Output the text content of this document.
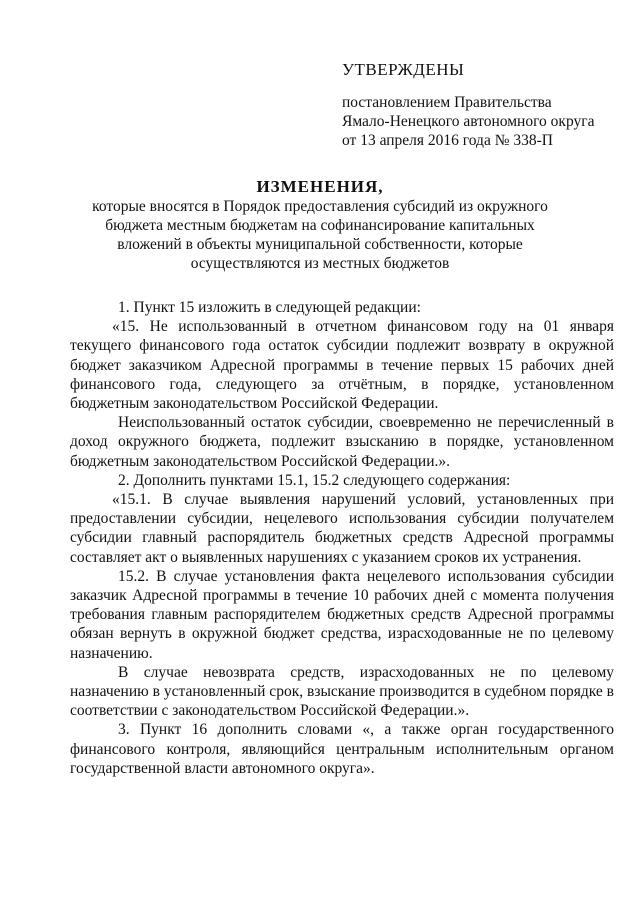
УТВЕРЖДЕНЫ

постановлением Правительства

Ямало-Ненецкого автономного округа

от 13 апреля 2016 года № 338-П

ИЗМЕНЕНИЯ,

которые вносятся в Порядок предоставления субсидий из окружного

бюджета местным бюджетам на софинансирование капитальных

вложений в объекты муниципальной собственности, которые

осуществляются из местных бюджетов

1. Пункт 15 изложить в следующей редакции:

«15. Не использованный в отчетном финансовом году на 01 января текущего финансового года остаток субсидии подлежит возврату в окружной бюджет заказчиком Адресной программы в течение первых 15 рабочих дней финансового года, следующего за отчётным, в порядке, установленном бюджетным законодательством Российской Федерации.

Неиспользованный остаток субсидии, своевременно не перечисленный в доход окружного бюджета, подлежит взысканию в порядке, установленном бюджетным законодательством Российской Федерации.».

2. Дополнить пунктами 15.1, 15.2 следующего содержания:

«15.1. В случае выявления нарушений условий, установленных при предоставлении субсидии, нецелевого использования субсидии получателем субсидии главный распорядитель бюджетных средств Адресной программы составляет акт о выявленных нарушениях с указанием сроков их устранения.

15.2. В случае установления факта нецелевого использования субсидии заказчик Адресной программы в течение 10 рабочих дней с момента получения требования главным распорядителем бюджетных средств Адресной программы обязан вернуть в окружной бюджет средства, израсходованные не по целевому назначению.

В случае невозврата средств, израсходованных не по целевому назначению в установленный срок, взыскание производится в судебном порядке в соответствии с законодательством Российской Федерации.».

3. Пункт 16 дополнить словами «, а также орган государственного финансового контроля, являющийся центральным исполнительным органом государственной власти автономного округа».
